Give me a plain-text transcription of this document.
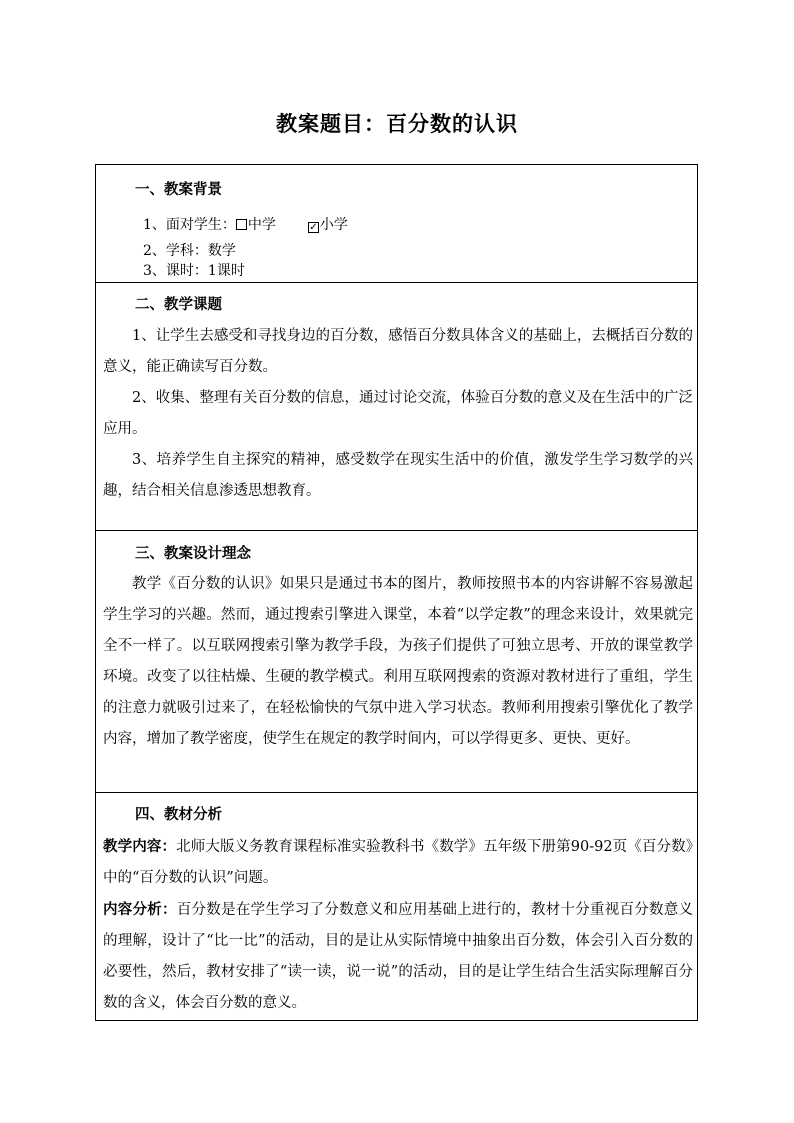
教案题目：百分数的认识
一、教案背景
1、面对学生： 中学	✓ 小学
2、学科：数学
3、课时：1课时
二、教学课题

1、让学生去感受和寻找身边的百分数，感悟百分数具体含义的基础上，去概括百分数的意义，能正确读写百分数。

2、收集、整理有关百分数的信息，通过讨论交流，体验百分数的意义及在生活中的广泛应用。

3、培养学生自主探究的精神，感受数学在现实生活中的价值，激发学生学习数学的兴趣，结合相关信息渗透思想教育。

三、教案设计理念

教学《百分数的认识》如果只是通过书本的图片，教师按照书本的内容讲解不容易激起学生学习的兴趣。然而，通过搜索引擎进入课堂，本着“以学定教”的理念来设计，效果就完全不一样了。以互联网搜索引擎为教学手段，为孩子们提供了可独立思考、开放的课堂教学环境。改变了以往枯燥、生硬的教学模式。利用互联网搜索的资源对教材进行了重组，学生的注意力就吸引过来了，在轻松愉快的气氛中进入学习状态。教师利用搜索引擎优化了教学内容，增加了教学密度，使学生在规定的教学时间内，可以学得更多、更快、更好。

四、教材分析

教学内容：北师大版义务教育课程标准实验教科书《数学》五年级下册第90-92页《百分数》中的“百分数的认识”问题。

内容分析：百分数是在学生学习了分数意义和应用基础上进行的，教材十分重视百分数意义的理解，设计了“比一比”的活动，目的是让从实际情境中抽象出百分数，体会引入百分数的必要性，然后，教材安排了“读一读，说一说”的活动，目的是让学生结合生活实际理解百分数的含义，体会百分数的意义。
